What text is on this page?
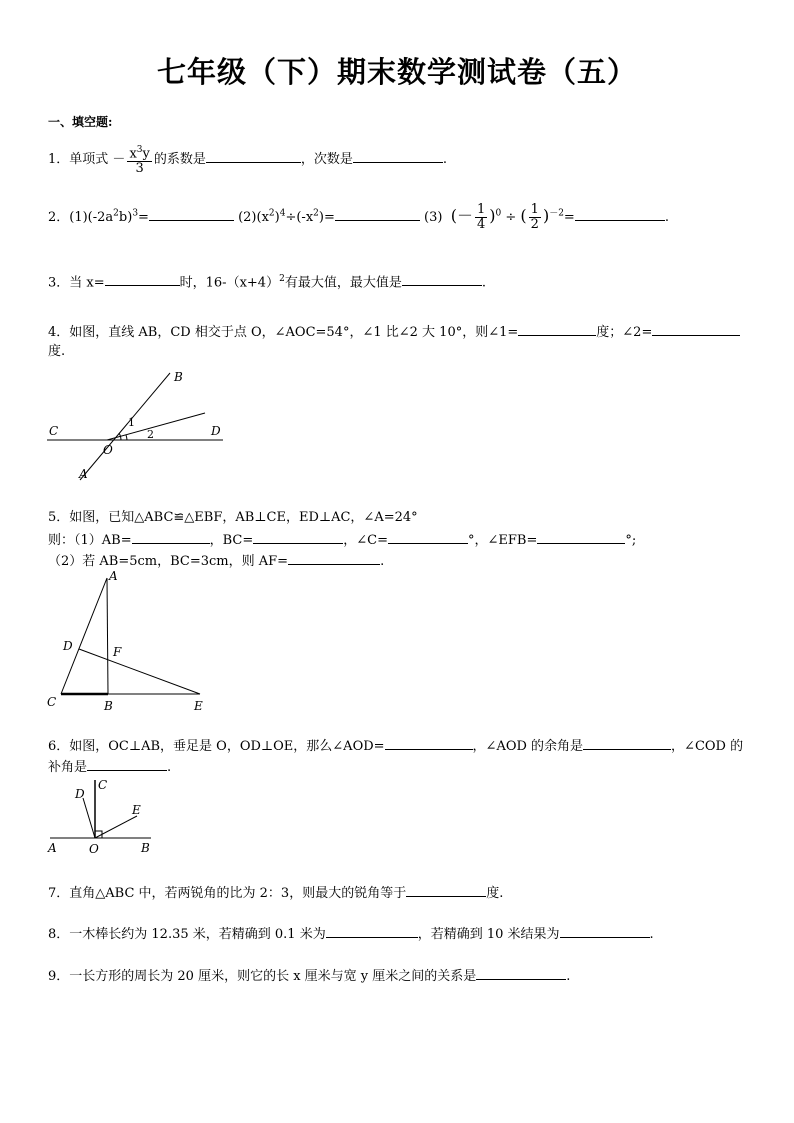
七年级（下）期末数学测试卷（五）
一、填空题:
1．单项式 － $\frac{x^3y}{3}$ 的系数是	，次数是	.
2．$(1)(-2a^2b)^3=$	$(2)(x^2)^4\div(-x^2)=$	(3) (－ $\frac{1}{4} )^0$ ÷ ( $\frac{1}{2} )^{-2}=$	.
3．当 x=	时，$16-(x+4)^2$有最大值，最大值是	.
4．如图，直线 AB，CD 相交于点 O，∠AOC=54°，∠1 比∠2 大 10°，则∠1=	度；∠2=
度.
C	D
B
A
O
1
2
5．如图，已知△ABC≌△EBF，AB⊥CE，ED⊥AC，∠A=24°
则：（1）AB=	，BC=	，∠C=	°，∠EFB=	°;
（2）若 AB=5cm，BC=3cm，则 AF=	.
A
D	F
C	B	E
6．如图，OC⊥AB，垂足是 O，OD⊥OE，那么∠AOD=	，∠AOD 的余角是	，∠COD 的
补角是	.
C
D
E
A	O	B
7．直角△ABC 中，若两锐角的比为 2：3，则最大的锐角等于	度.
8．一木棒长约为 12.35 米，若精确到 0.1 米为	，若精确到 10 米结果为	.
9．一长方形的周长为 20 厘米，则它的长 x 厘米与宽 y 厘米之间的关系是	.
